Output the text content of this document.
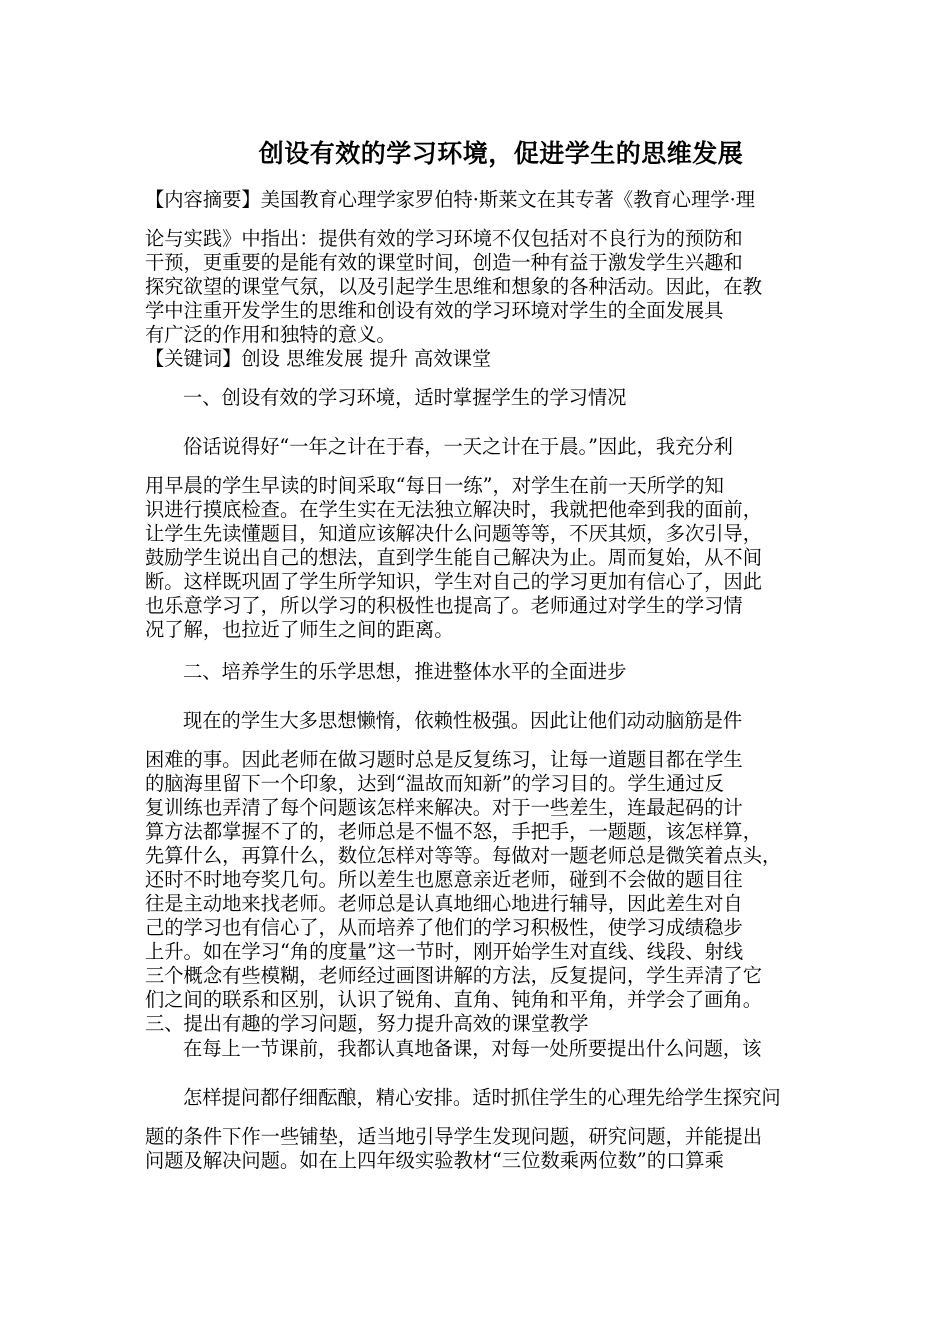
创设有效的学习环境，促进学生的思维发展
【内容摘要】美国教育心理学家罗伯特·斯莱文在其专著《教育心理学·理
论与实践》中指出：提供有效的学习环境不仅包括对不良行为的预防和
干预，更重要的是能有效的课堂时间，创造一种有益于激发学生兴趣和
探究欲望的课堂气氛，以及引起学生思维和想象的各种活动。因此，在教
学中注重开发学生的思维和创设有效的学习环境对学生的全面发展具
有广泛的作用和独特的意义。
【关键词】创设 思维发展 提升 高效课堂
一、创设有效的学习环境，适时掌握学生的学习情况
俗话说得好“一年之计在于春，一天之计在于晨。”因此，我充分利
用早晨的学生早读的时间采取“每日一练”，对学生在前一天所学的知
识进行摸底检查。在学生实在无法独立解决时，我就把他牵到我的面前，
让学生先读懂题目，知道应该解决什么问题等等，不厌其烦，多次引导，
鼓励学生说出自己的想法，直到学生能自己解决为止。周而复始，从不间
断。这样既巩固了学生所学知识，学生对自己的学习更加有信心了，因此
也乐意学习了，所以学习的积极性也提高了。老师通过对学生的学习情
况了解，也拉近了师生之间的距离。
二、培养学生的乐学思想，推进整体水平的全面进步
现在的学生大多思想懒惰，依赖性极强。因此让他们动动脑筋是件
困难的事。因此老师在做习题时总是反复练习，让每一道题目都在学生
的脑海里留下一个印象，达到“温故而知新”的学习目的。学生通过反
复训练也弄清了每个问题该怎样来解决。对于一些差生，连最起码的计
算方法都掌握不了的，老师总是不愠不怒，手把手，一题题，该怎样算，
先算什么，再算什么，数位怎样对等等。每做对一题老师总是微笑着点头，
还时不时地夸奖几句。所以差生也愿意亲近老师，碰到不会做的题目往
往是主动地来找老师。老师总是认真地细心地进行辅导，因此差生对自
己的学习也有信心了，从而培养了他们的学习积极性，使学习成绩稳步
上升。如在学习“角的度量”这一节时，刚开始学生对直线、线段、射线
三个概念有些模糊，老师经过画图讲解的方法，反复提问，学生弄清了它
们之间的联系和区别，认识了锐角、直角、钝角和平角，并学会了画角。
三、提出有趣的学习问题，努力提升高效的课堂教学
在每上一节课前，我都认真地备课，对每一处所要提出什么问题，该
怎样提问都仔细酝酿，精心安排。适时抓住学生的心理先给学生探究问
题的条件下作一些铺垫，适当地引导学生发现问题，研究问题，并能提出
问题及解决问题。如在上四年级实验教材“三位数乘两位数”的口算乘
